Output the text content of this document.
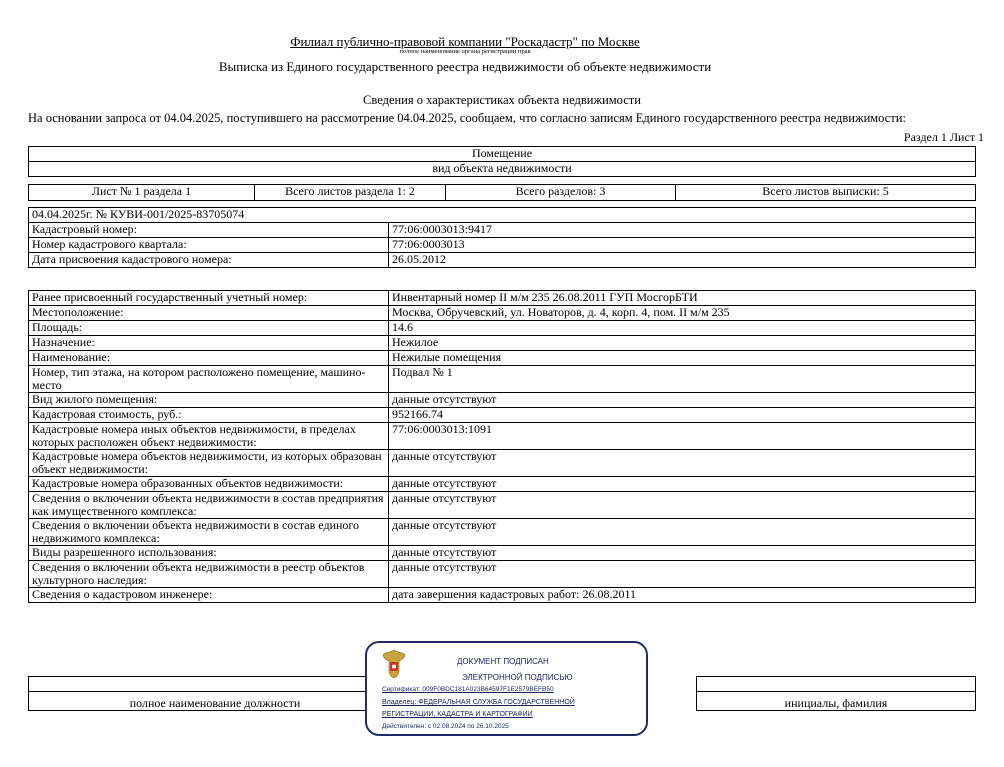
Филиал публично-правовой компании "Роскадастр" по Москве
полное наименование органа регистрации прав
Выписка из Единого государственного реестра недвижимости об объекте недвижимости
Сведения о характеристиках объекта недвижимости
На основании запроса от 04.04.2025, поступившего на рассмотрение 04.04.2025, сообщаем, что согласно записям Единого государственного реестра недвижимости:
Раздел 1 Лист 1
Помещение
вид объекта недвижимости
Лист № 1 раздела 1	Всего листов раздела 1: 2	Всего разделов: 3	Всего листов выписки: 5
04.04.2025г. № КУВИ-001/2025-83705074	
Кадастровый номер:	77:06:0003013:9417
Номер кадастрового квартала:	77:06:0003013
Дата присвоения кадастрового номера:	26.05.2012
Ранее присвоенный государственный учетный номер:	Инвентарный номер II м/м 235 26.08.2011 ГУП МосгорБТИ
Местоположение:	Москва, Обручевский, ул. Новаторов, д. 4, корп. 4, пом. II м/м 235
Площадь:	14.6
Назначение:	Нежилое
Наименование:	Нежилые помещения
Номер, тип этажа, на котором расположено помещение, машино-место	Подвал № 1
Вид жилого помещения:	данные отсутствуют
Кадастровая стоимость, руб.:	952166.74
Кадастровые номера иных объектов недвижимости, в пределах которых расположен объект недвижимости:	77:06:0003013:1091
Кадастровые номера объектов недвижимости, из которых образован объект недвижимости:	данные отсутствуют
Кадастровые номера образованных объектов недвижимости:	данные отсутствуют
Сведения о включении объекта недвижимости в состав предприятия как имущественного комплекса:	данные отсутствуют
Сведения о включении объекта недвижимости в состав единого недвижимого комплекса:	данные отсутствуют
Виды разрешенного использования:	данные отсутствуют
Сведения о включении объекта недвижимости в реестр объектов культурного наследия:	данные отсутствуют
Сведения о кадастровом инженере:	дата завершения кадастровых работ: 26.08.2011

полное наименование должности		инициалы, фамилия
ДОКУМЕНТ ПОДПИСАН
ЭЛЕКТРОННОЙ ПОДПИСЬЮ
Сертификат: 009F0BDC181A023B64597F1E2579BEFB50
Владелец: ФЕДЕРАЛЬНАЯ СЛУЖБА ГОСУДАРСТВЕННОЙ
РЕГИСТРАЦИИ, КАДАСТРА И КАРТОГРАФИИ
Действителен: с 02.08.2024 по 26.10.2025
